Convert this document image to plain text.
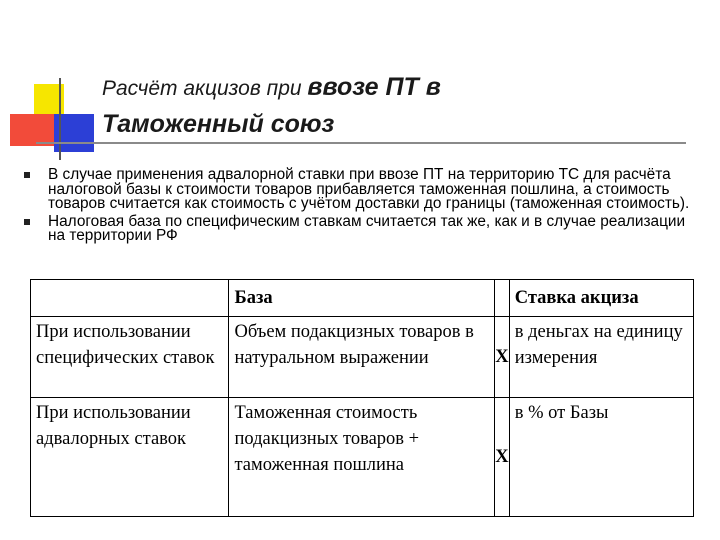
Расчёт акцизов при ввозе ПТ в
Таможенный союз
В случае применения адвалорной ставки при ввозе ПТ на территорию ТС для расчёта налоговой базы к стоимости товаров прибавляется таможенная пошлина, а стоимость товаров считается как стоимость с учётом доставки до границы (таможенная стоимость).
Налоговая база по специфическим ставкам считается так же, как и в случае реализации на территории РФ
	База		Ставка акциза
При использовании специфических ставок	Объем подакцизных товаров в натуральном выражении	Х	в деньгах на единицу измерения
При использовании адвалорных ставок	Таможенная стоимость подакцизных товаров + таможенная пошлина	Х	в % от Базы
